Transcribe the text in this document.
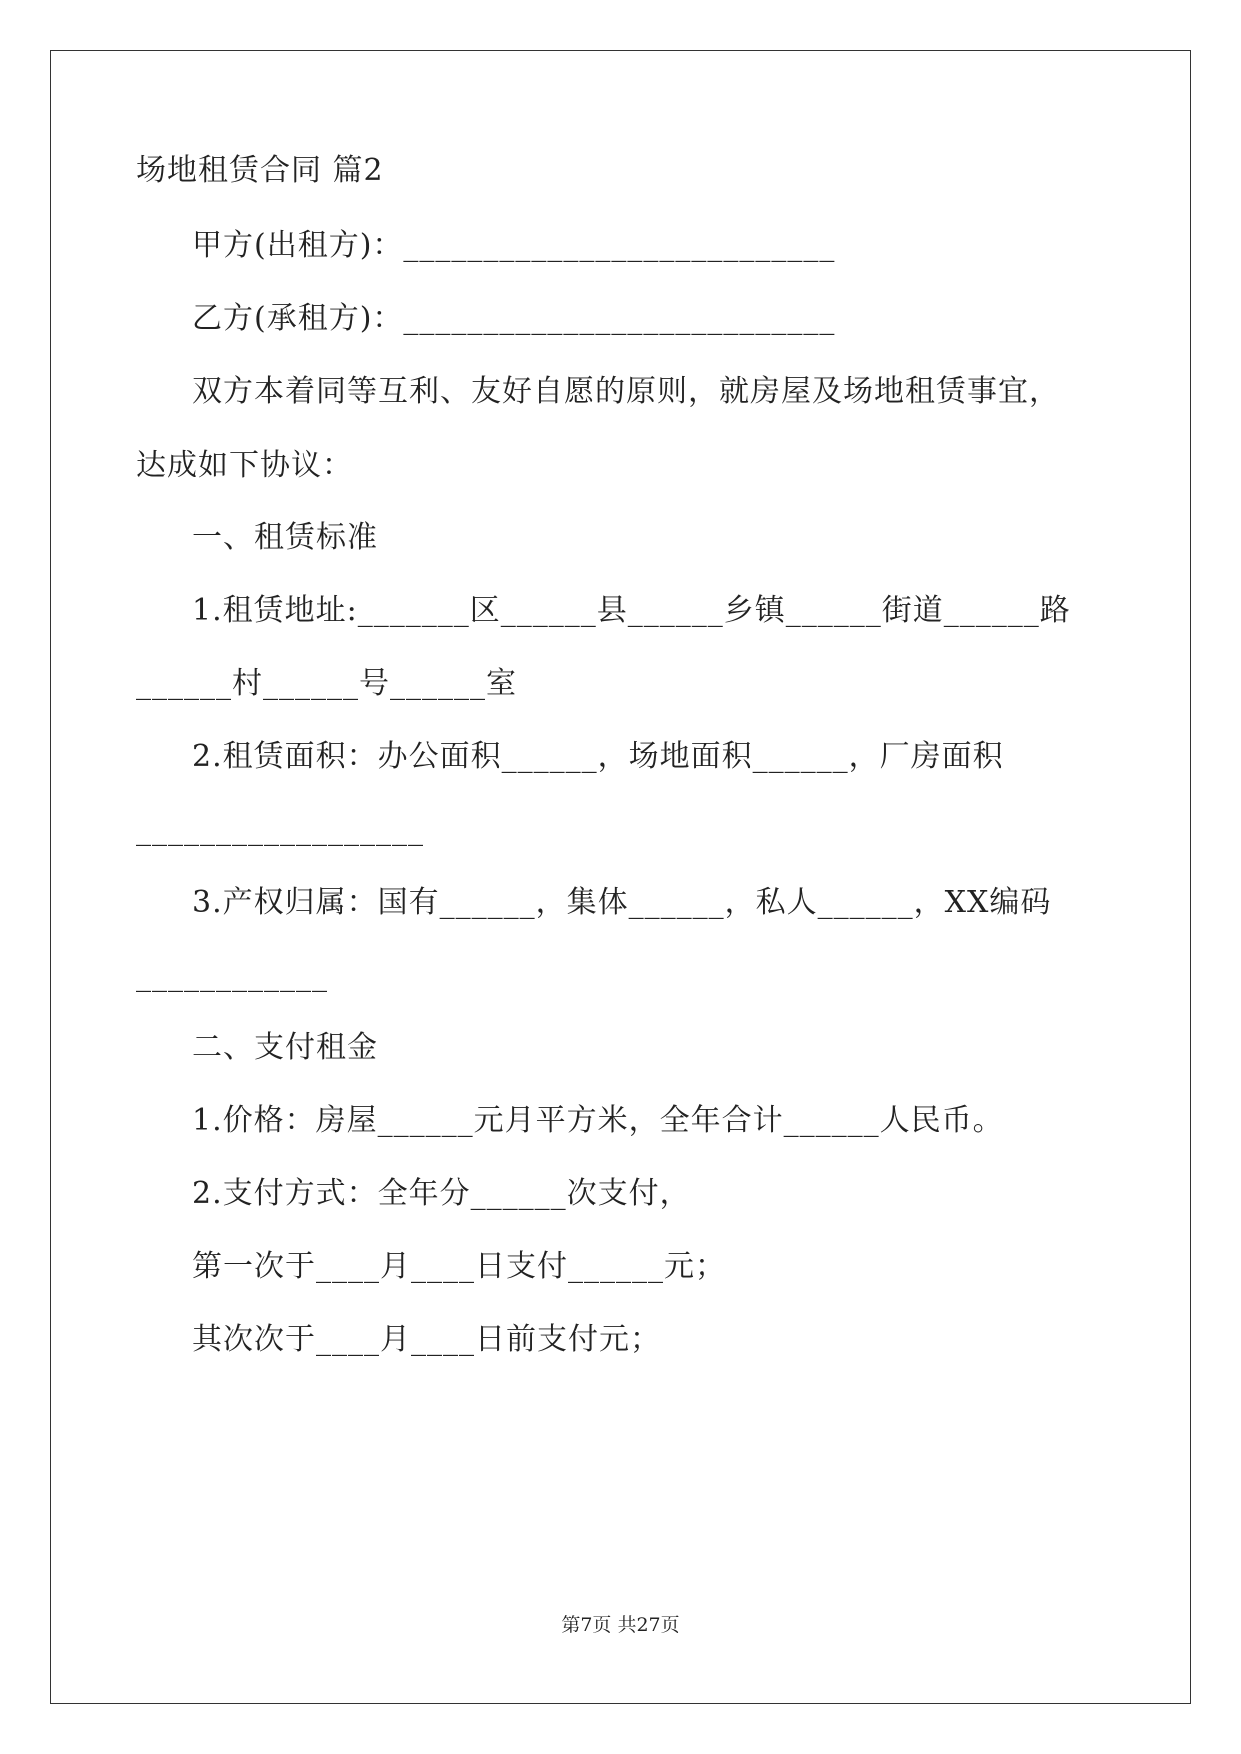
场地租赁合同 篇2
甲方(出租方)：___________________________
乙方(承租方)：___________________________
双方本着同等互利、友好自愿的原则，就房屋及场地租赁事宜，
达成如下协议：
一、租赁标准
1.租赁地址:_______区______县______乡镇______街道______路
______村______号______室
2.租赁面积：办公面积______，场地面积______，厂房面积
__________________
3.产权归属：国有______，集体______，私人______，XX编码
____________
二、支付租金
1.价格：房屋______元月平方米，全年合计______人民币。
2.支付方式：全年分______次支付，
第一次于____月____日支付______元；
其次次于____月____日前支付元；
第7页 共27页
